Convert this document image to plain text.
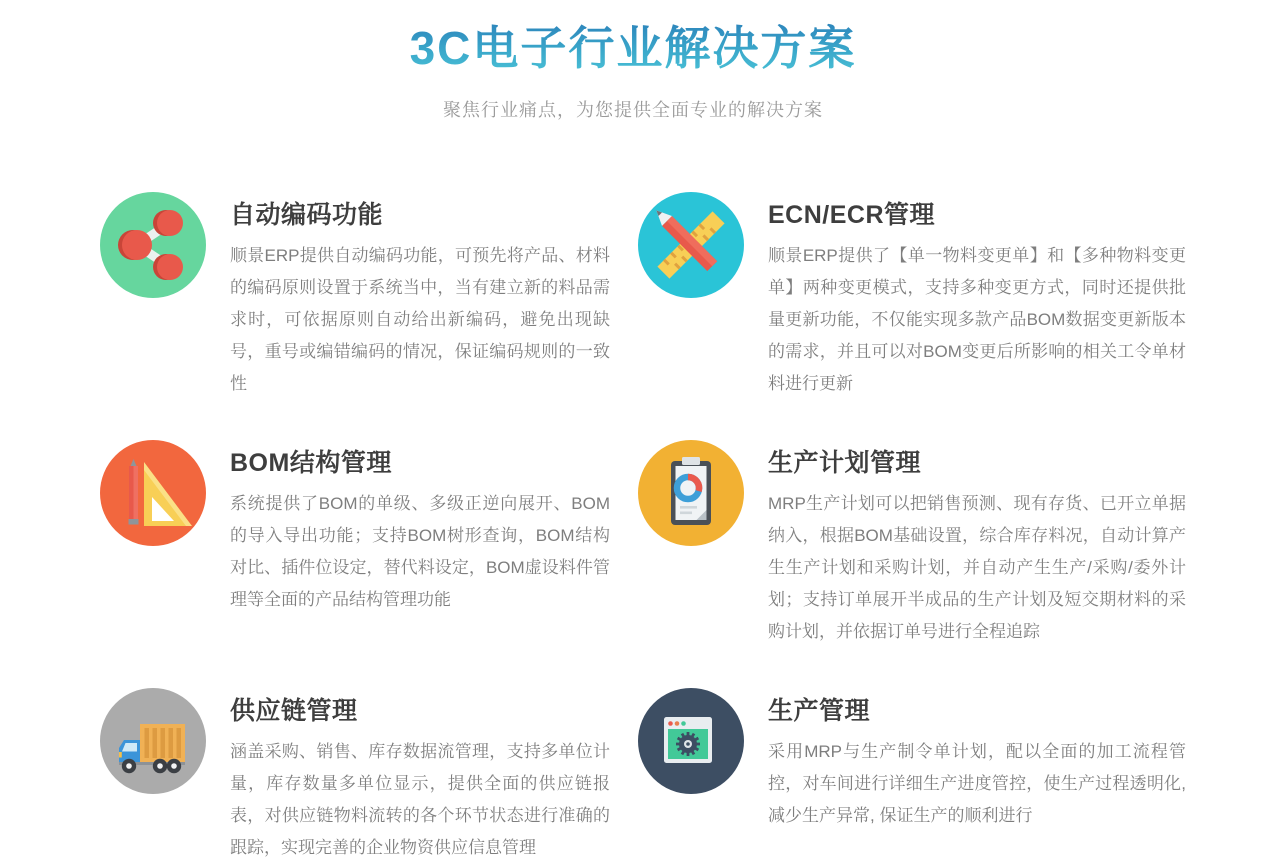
3C电子行业解决方案
聚焦行业痛点，为您提供全面专业的解决方案
自动编码功能
顺景ERP提供自动编码功能，可预先将产品、材料的编码原则设置于系统当中，当有建立新的料品需求时，可依据原则自动给出新编码，避免出现缺号，重号或编错编码的情况，保证编码规则的一致性
ECN/ECR管理
顺景ERP提供了【单一物料变更单】和【多种物料变更单】两种变更模式，支持多种变更方式，同时还提供批量更新功能，不仅能实现多款产品BOM数据变更新版本的需求，并且可以对BOM变更后所影响的相关工令单材料进行更新
BOM结构管理
系统提供了BOM的单级、多级正逆向展开、BOM的导入导出功能；支持BOM树形查询，BOM结构对比、插件位设定，替代料设定，BOM虚设料件管理等全面的产品结构管理功能
生产计划管理
MRP生产计划可以把销售预测、现有存货、已开立单据纳入，根据BOM基础设置，综合库存料况，自动计算产生生产计划和采购计划，并自动产生生产/采购/委外计划；支持订单展开半成品的生产计划及短交期材料的采购计划，并依据订单号进行全程追踪
供应链管理
涵盖采购、销售、库存数据流管理，支持多单位计量，库存数量多单位显示，提供全面的供应链报表，对供应链物料流转的各个环节状态进行准确的跟踪，实现完善的企业物资供应信息管理
生产管理
采用MRP与生产制令单计划，配以全面的加工流程管控，对车间进行详细生产进度管控，使生产过程透明化, 减少生产异常, 保证生产的顺利进行
